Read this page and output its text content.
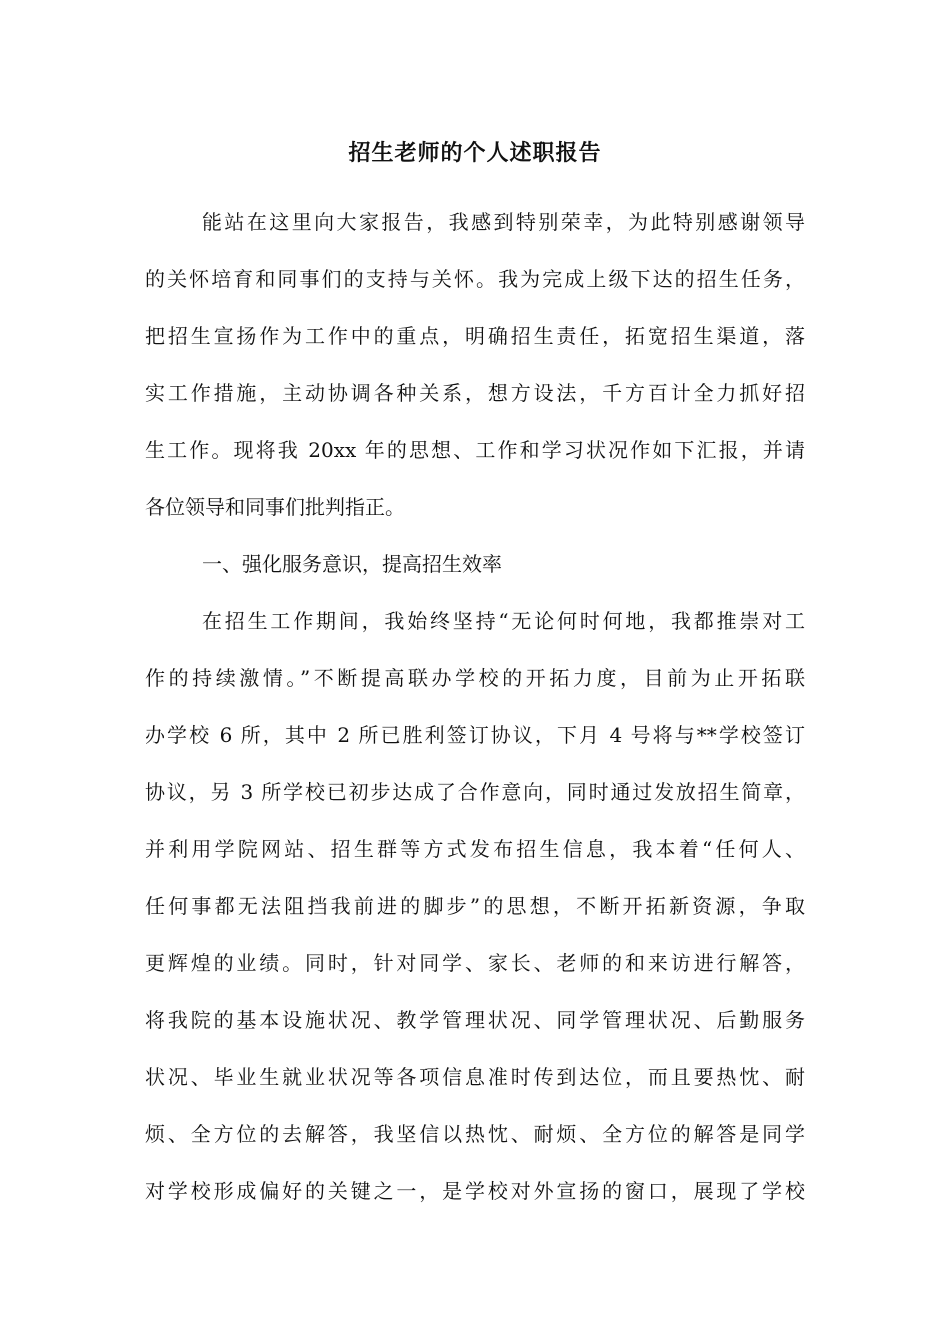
招生老师的个人述职报告
能站在这里向大家报告，我感到特别荣幸，为此特别感谢领导
的关怀培育和同事们的支持与关怀。我为完成上级下达的招生任务，
把招生宣扬作为工作中的重点，明确招生责任，拓宽招生渠道，落
实工作措施，主动协调各种关系，想方设法，千方百计全力抓好招
生工作。现将我 20xx 年的思想、工作和学习状况作如下汇报，并请
各位领导和同事们批判指正。
一、强化服务意识，提高招生效率
在招生工作期间，我始终坚持“无论何时何地，我都推崇对工
作的持续激情。”不断提高联办学校的开拓力度，目前为止开拓联
办学校 6 所，其中 2 所已胜利签订协议，下月 4 号将与**学校签订
协议，另 3 所学校已初步达成了合作意向，同时通过发放招生简章，
并利用学院网站、招生群等方式发布招生信息，我本着“任何人、
任何事都无法阻挡我前进的脚步”的思想，不断开拓新资源，争取
更辉煌的业绩。同时，针对同学、家长、老师的和来访进行解答，
将我院的基本设施状况、教学管理状况、同学管理状况、后勤服务
状况、毕业生就业状况等各项信息准时传到达位，而且要热忱、耐
烦、全方位的去解答，我坚信以热忱、耐烦、全方位的解答是同学
对学校形成偏好的关键之一，是学校对外宣扬的窗口，展现了学校
